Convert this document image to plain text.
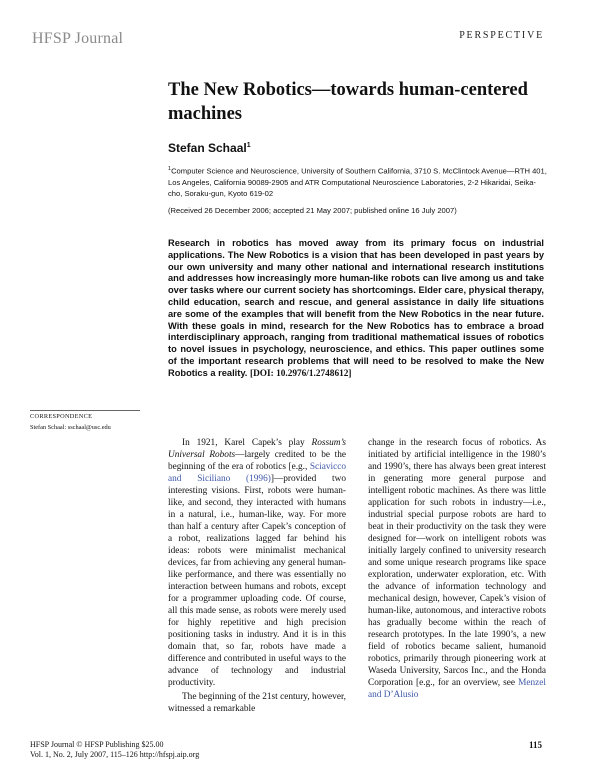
HFSP Journal	PERSPECTIVE
The New Robotics—towards human-centered machines
Stefan Schaal$^1$
$^1$Computer Science and Neuroscience, University of Southern California, 3710 S. McClintock Avenue—RTH 401, Los Angeles, California 90089-2905 and ATR Computational Neuroscience Laboratories, 2-2 Hikaridai, Seika-cho, Soraku-gun, Kyoto 619-02
(Received 26 December 2006; accepted 21 May 2007; published online 16 July 2007)
Research in robotics has moved away from its primary focus on industrial applications. The New Robotics is a vision that has been developed in past years by our own university and many other national and international research institutions and addresses how increasingly more human-like robots can live among us and take over tasks where our current society has shortcomings. Elder care, physical therapy, child education, search and rescue, and general assistance in daily life situations are some of the examples that will benefit from the New Robotics in the near future. With these goals in mind, research for the New Robotics has to embrace a broad interdisciplinary approach, ranging from traditional mathematical issues of robotics to novel issues in psychology, neuroscience, and ethics. This paper outlines some of the important research problems that will need to be resolved to make the New Robotics a reality. [DOI: 10.2976/1.2748612]
CORRESPONDENCE
Stefan Schaal: sschaal@usc.edu

In 1921, Karel Capek’s play Rossum’s Universal Robots—largely credited to be the beginning of the era of robotics [e.g., Sciavicco and Siciliano (1996)]—provided two interesting visions. First, robots were human-like, and second, they interacted with humans in a natural, i.e., human-like, way. For more than half a century after Capek’s conception of a robot, realizations lagged far behind his ideas: robots were minimalist mechanical devices, far from achieving any general human-like performance, and there was essentially no interaction between humans and robots, except for a programmer uploading code. Of course, all this made sense, as robots were merely used for highly repetitive and high precision positioning tasks in industry. And it is in this domain that, so far, robots have made a difference and contributed in useful ways to the advance of technology and industrial productivity.

The beginning of the 21st century, however, witnessed a remarkable

change in the research focus of robotics. As initiated by artificial intelligence in the 1980’s and 1990’s, there has always been great interest in generating more general purpose and intelligent robotic machines. As there was little application for such robots in industry—i.e., industrial special purpose robots are hard to beat in their productivity on the task they were designed for—work on intelligent robots was initially largely confined to university research and some unique research programs like space exploration, underwater exploration, etc. With the advance of information technology and mechanical design, however, Capek’s vision of human-like, autonomous, and interactive robots has gradually become within the reach of research prototypes. In the late 1990’s, a new field of robotics became salient, humanoid robotics, primarily through pioneering work at Waseda University, Sarcos Inc., and the Honda Corporation [e.g., for an overview, see Menzel and D’Alusio

HFSP Journal © HFSP Publishing $25.00
Vol. 1, No. 2, July 2007, 115–126 http://hfspj.aip.org
115
